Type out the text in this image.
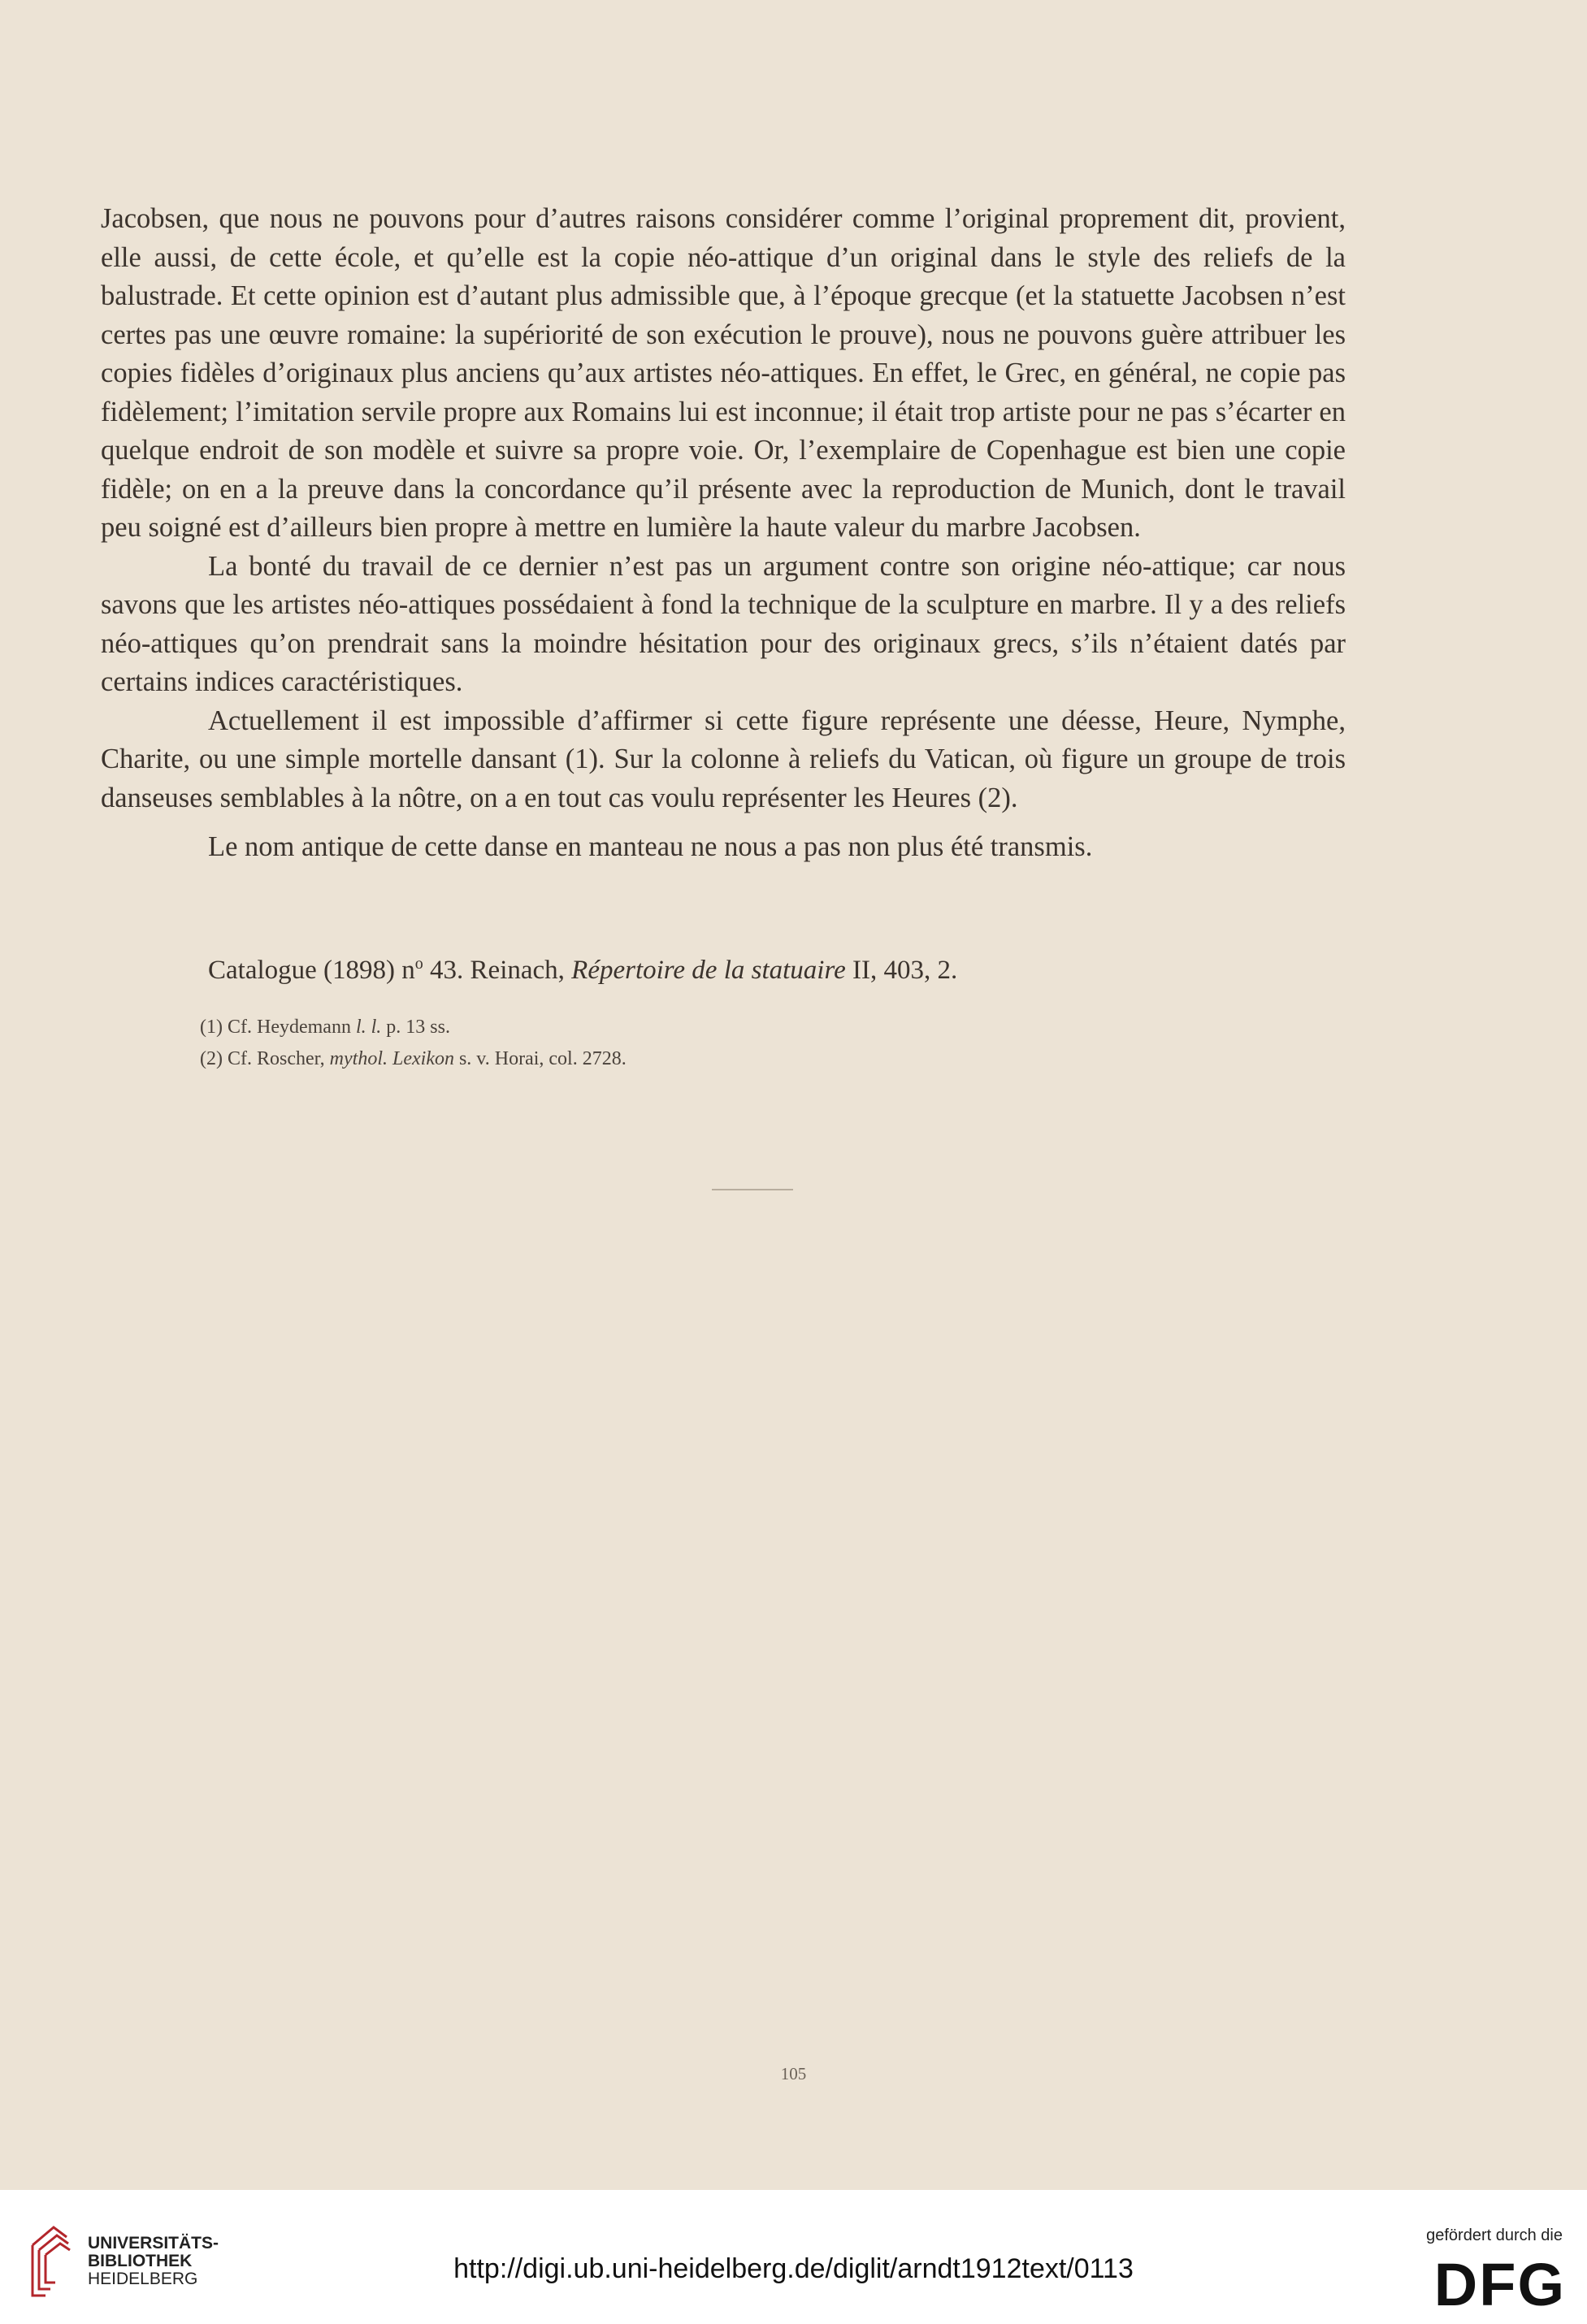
Jacobsen, que nous ne pouvons pour d’autres raisons considérer comme l’original proprement dit, provient, elle aussi, de cette école, et qu’elle est la copie néo-attique d’un original dans le style des reliefs de la balustrade. Et cette opinion est d’autant plus admissible que, à l’époque grecque (et la statuette Jacobsen n’est certes pas une œuvre romaine: la supériorité de son exécution le prouve), nous ne pouvons guère attribuer les copies fidèles d’originaux plus anciens qu’aux artistes néo-attiques. En effet, le Grec, en général, ne copie pas fidèlement; l’imitation servile propre aux Romains lui est inconnue; il était trop artiste pour ne pas s’écarter en quelque endroit de son modèle et suivre sa propre voie. Or, l’exemplaire de Copenhague est bien une copie fidèle; on en a la preuve dans la concordance qu’il présente avec la reproduction de Munich, dont le travail peu soigné est d’ailleurs bien propre à mettre en lumière la haute valeur du marbre Jacobsen.

La bonté du travail de ce dernier n’est pas un argument contre son origine néo-attique; car nous savons que les artistes néo-attiques possédaient à fond la technique de la sculpture en marbre. Il y a des reliefs néo-attiques qu’on prendrait sans la moindre hésitation pour des originaux grecs, s’ils n’étaient datés par certains indices caractéristiques.

Actuellement il est impossible d’affirmer si cette figure représente une déesse, Heure, Nymphe, Charite, ou une simple mortelle dansant (1). Sur la colonne à reliefs du Vatican, où figure un groupe de trois danseuses semblables à la nôtre, on a en tout cas voulu représenter les Heures (2).

Le nom antique de cette danse en manteau ne nous a pas non plus été transmis.

Catalogue (1898) $n^o$ 43. Reinach, Répertoire de la statuaire II, 403, 2.
(1) Cf. Heydemann l. l. p. 13 ss.
(2) Cf. Roscher, mythol. Lexikon s. v. Horai, col. 2728.
105
UNIVERSITÄTS-
BIBLIOTHEK
HEIDELBERG	http://digi.ub.uni-heidelberg.de/diglit/arndt1912text/0113
gefördert durch die
DFG
